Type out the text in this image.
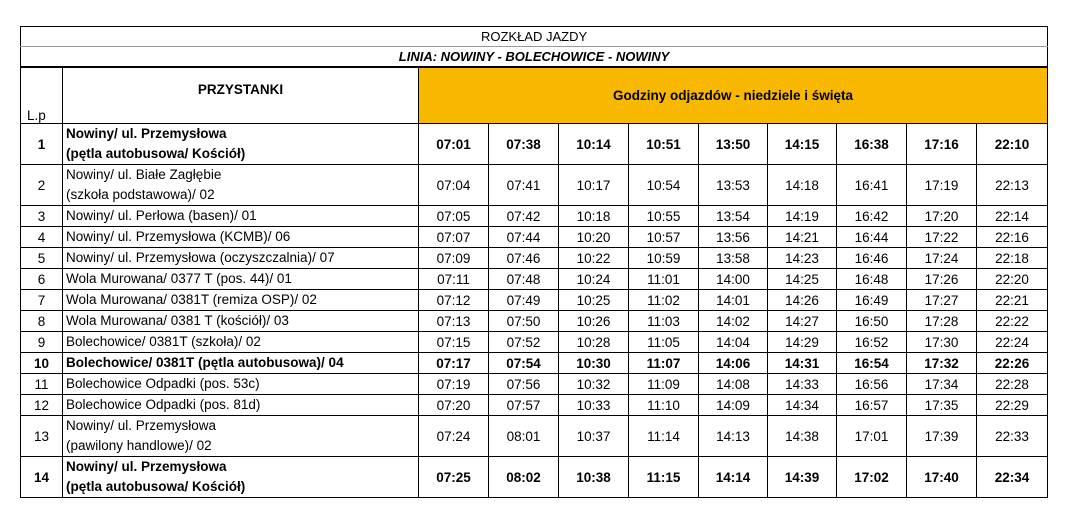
ROZKŁAD JAZDY										
LINIA: NOWINY - BOLECHOWICE - NOWINY										
L.p	PRZYSTANKI	Godziny odjazdów - niedziele i święta								
1	Nowiny/ ul. Przemysłowa
(pętla autobusowa/ Kościół)	07:01	07:38	10:14	10:51	13:50	14:15	16:38	17:16	22:10
2	Nowiny/ ul. Białe Zagłębie
(szkoła podstawowa)/ 02	07:04	07:41	10:17	10:54	13:53	14:18	16:41	17:19	22:13
3	Nowiny/ ul. Perłowa (basen)/ 01	07:05	07:42	10:18	10:55	13:54	14:19	16:42	17:20	22:14
4	Nowiny/ ul. Przemysłowa (KCMB)/ 06	07:07	07:44	10:20	10:57	13:56	14:21	16:44	17:22	22:16
5	Nowiny/ ul. Przemysłowa (oczyszczalnia)/ 07	07:09	07:46	10:22	10:59	13:58	14:23	16:46	17:24	22:18
6	Wola Murowana/ 0377 T (pos. 44)/ 01	07:11	07:48	10:24	11:01	14:00	14:25	16:48	17:26	22:20
7	Wola Murowana/ 0381T (remiza OSP)/ 02	07:12	07:49	10:25	11:02	14:01	14:26	16:49	17:27	22:21
8	Wola Murowana/ 0381 T (kościół)/ 03	07:13	07:50	10:26	11:03	14:02	14:27	16:50	17:28	22:22
9	Bolechowice/ 0381T (szkoła)/ 02	07:15	07:52	10:28	11:05	14:04	14:29	16:52	17:30	22:24
10	Bolechowice/ 0381T (pętla autobusowa)/ 04	07:17	07:54	10:30	11:07	14:06	14:31	16:54	17:32	22:26
11	Bolechowice Odpadki (pos. 53c)	07:19	07:56	10:32	11:09	14:08	14:33	16:56	17:34	22:28
12	Bolechowice Odpadki (pos. 81d)	07:20	07:57	10:33	11:10	14:09	14:34	16:57	17:35	22:29
13	Nowiny/ ul. Przemysłowa
(pawilony handlowe)/ 02	07:24	08:01	10:37	11:14	14:13	14:38	17:01	17:39	22:33
14	Nowiny/ ul. Przemysłowa
(pętla autobusowa/ Kościół)	07:25	08:02	10:38	11:15	14:14	14:39	17:02	17:40	22:34
